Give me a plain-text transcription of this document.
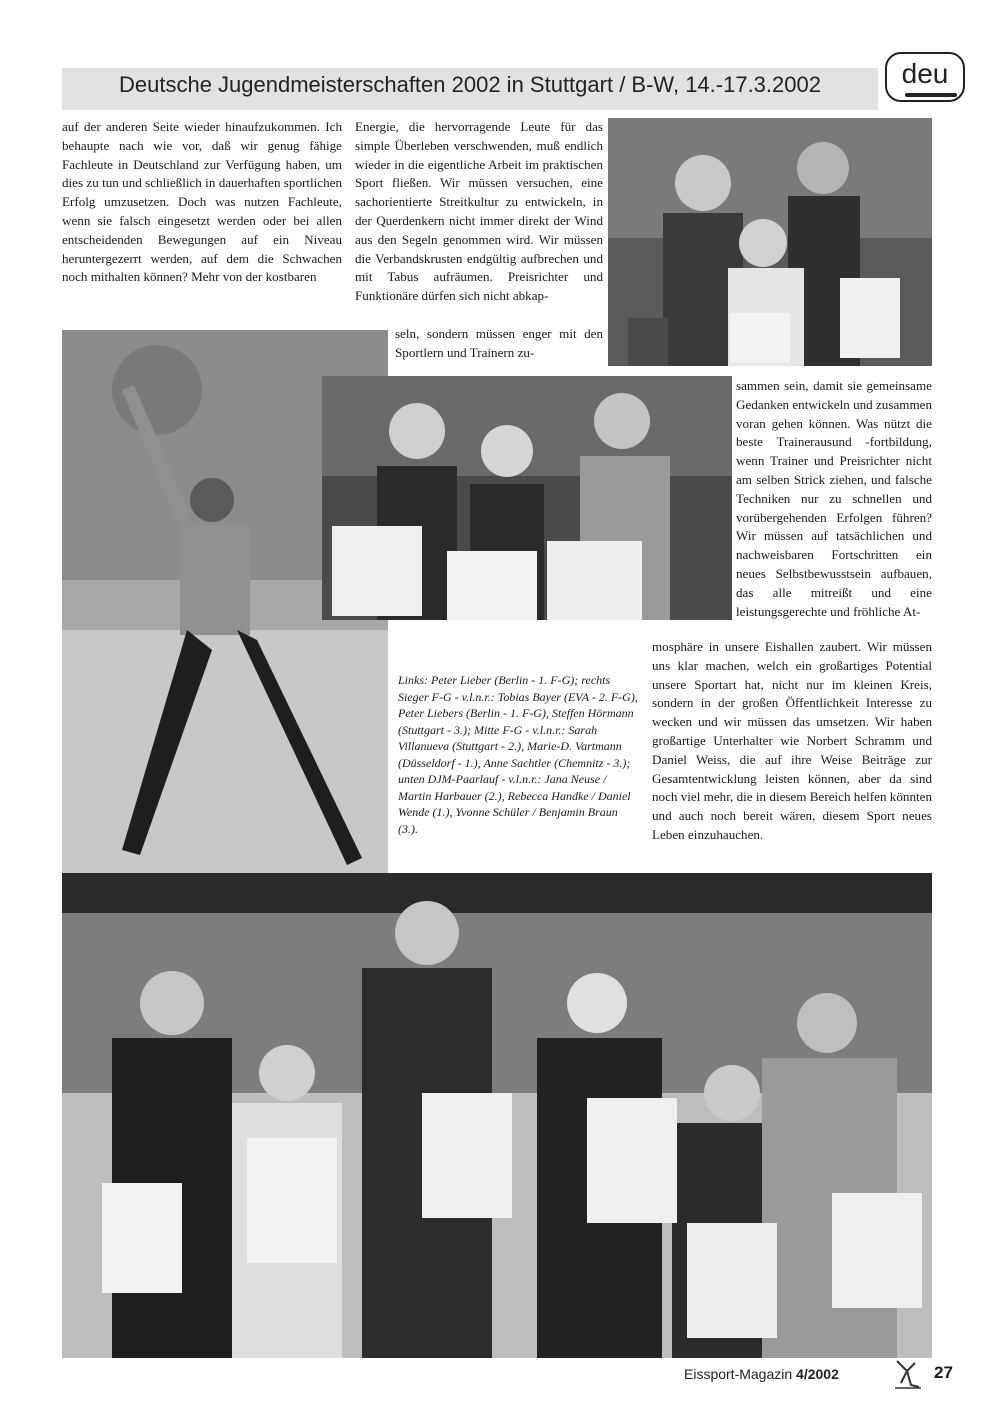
Deutsche Jugendmeisterschaften 2002 in Stuttgart / B-W, 14.-17.3.2002	deu

auf der anderen Seite wieder hinaufzukommen. Ich behaupte nach wie vor, daß wir genug fähige Fachleute in Deutschland zur Verfügung haben, um dies zu tun und schließlich in dauerhaften sportlichen Erfolg umzusetzen. Doch was nutzen Fachleute, wenn sie falsch eingesetzt werden oder bei allen entscheidenden Bewegungen auf ein Niveau heruntergezerrt werden, auf dem die Schwachen noch mithalten können? Mehr von der kostbaren

Energie, die hervorragende Leute für das simple Überleben verschwenden, muß endlich wieder in die eigentliche Arbeit im praktischen Sport fließen. Wir müssen versuchen, eine sachorientierte Streitkultur zu entwickeln, in der Querdenkern nicht immer direkt der Wind aus den Segeln genommen wird. Wir müssen die Verbandskrusten endgültig aufbrechen und mit Tabus aufräumen. Preisrichter und Funktionäre dürfen sich nicht abkap-

seln, sondern müssen enger mit den Sportlern und Trainern zu-

sammen sein, damit sie gemeinsame Gedanken entwickeln und zusammen voran gehen können. Was nützt die beste Trainerausund -fortbildung, wenn Trainer und Preisrichter nicht am selben Strick ziehen, und falsche Techniken nur zu schnellen und vorübergehenden Erfolgen führen? Wir müssen auf tatsächlichen und nachweisbaren Fortschritten ein neues Selbstbewusstsein aufbauen, das alle mitreißt und eine leistungsgerechte und fröhliche At-

mosphäre in unsere Eishallen zaubert. Wir müssen uns klar machen, welch ein großartiges Potential unsere Sportart hat, nicht nur im kleinen Kreis, sondern in der großen Öffentlichkeit Interesse zu wecken und wir müssen das umsetzen. Wir haben großartige Unterhalter wie Norbert Schramm und Daniel Weiss, die auf ihre Weise Beiträge zur Gesamtentwicklung leisten können, aber da sind noch viel mehr, die in diesem Bereich helfen könnten und auch noch bereit wären, diesem Sport neues Leben einzuhauchen.

Links: Peter Lieber (Berlin - 1. F-G); rechts Sieger F-G - v.l.n.r.: Tobias Bayer (EVA - 2. F-G), Peter Liebers (Berlin - 1. F-G), Steffen Hörmann (Stuttgart - 3.); Mitte F-G - v.l.n.r.: Sarah Villanueva (Stuttgart - 2.), Marie-D. Vartmann (Düsseldorf - 1.), Anne Sachtler (Chemnitz - 3.); unten DJM-Paarlauf - v.l.n.r.: Jana Neuse / Martin Harbauer (2.), Rebecca Handke / Daniel Wende (1.), Yvonne Schüler / Benjamin Braun (3.).
Eissport-Magazin 4/2002	27
